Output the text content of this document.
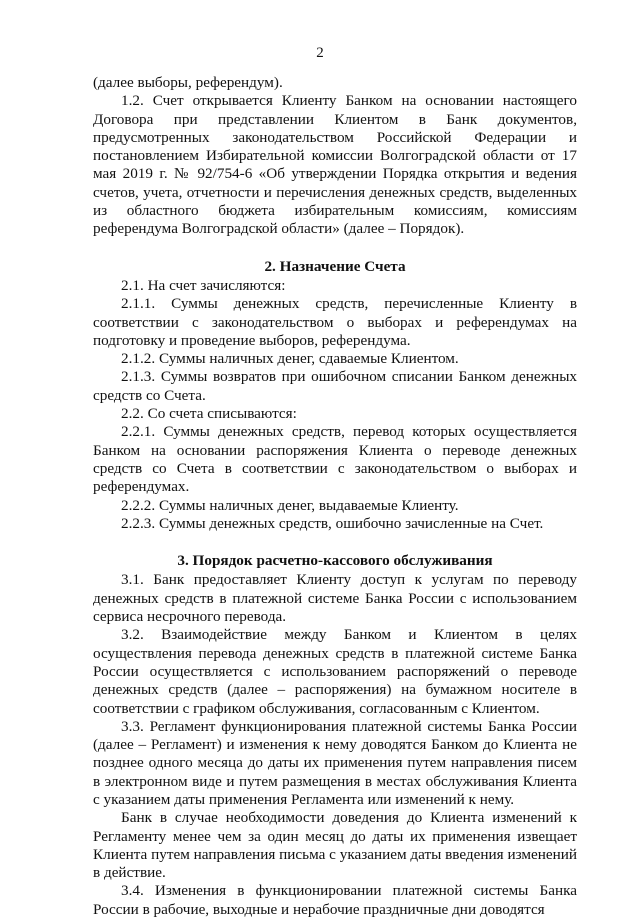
2

(далее выборы, референдум).

1.2. Счет открывается Клиенту Банком на основании настоящего Договора при представлении Клиентом в Банк документов, предусмотренных законодательством Российской Федерации и постановлением Избирательной комиссии Волгоградской области от 17 мая 2019 г. № 92/754-6 «Об утверждении Порядка открытия и ведения счетов, учета, отчетности и перечисления денежных средств, выделенных из областного бюджета избирательным комиссиям, комиссиям референдума Волгоградской области» (далее – Порядок).

2. Назначение Счета

2.1. На счет зачисляются:

2.1.1. Суммы денежных средств, перечисленные Клиенту в соответствии с законодательством о выборах и референдумах на подготовку и проведение выборов, референдума.

2.1.2. Суммы наличных денег, сдаваемые Клиентом.

2.1.3. Суммы возвратов при ошибочном списании Банком денежных средств со Счета.

2.2. Со счета списываются:

2.2.1. Суммы денежных средств, перевод которых осуществляется Банком на основании распоряжения Клиента о переводе денежных средств со Счета в соответствии с законодательством о выборах и референдумах.

2.2.2. Суммы наличных денег, выдаваемые Клиенту.

2.2.3. Суммы денежных средств, ошибочно зачисленные на Счет.

3. Порядок расчетно-кассового обслуживания

3.1. Банк предоставляет Клиенту доступ к услугам по переводу денежных средств в платежной системе Банка России с использованием сервиса несрочного перевода.

3.2. Взаимодействие между Банком и Клиентом в целях осуществления перевода денежных средств в платежной системе Банка России осуществляется с использованием распоряжений о переводе денежных средств (далее – распоряжения) на бумажном носителе в соответствии с графиком обслуживания, согласованным с Клиентом.

3.3. Регламент функционирования платежной системы Банка России (далее – Регламент) и изменения к нему доводятся Банком до Клиента не позднее одного месяца до даты их применения путем направления писем в электронном виде и путем размещения в местах обслуживания Клиента с указанием даты применения Регламента или изменений к нему.

Банк в случае необходимости доведения до Клиента изменений к Регламенту менее чем за один месяц до даты их применения извещает Клиента путем направления письма с указанием даты введения изменений в действие.

3.4. Изменения в функционировании платежной системы Банка России в рабочие, выходные и нерабочие праздничные дни доводятся
